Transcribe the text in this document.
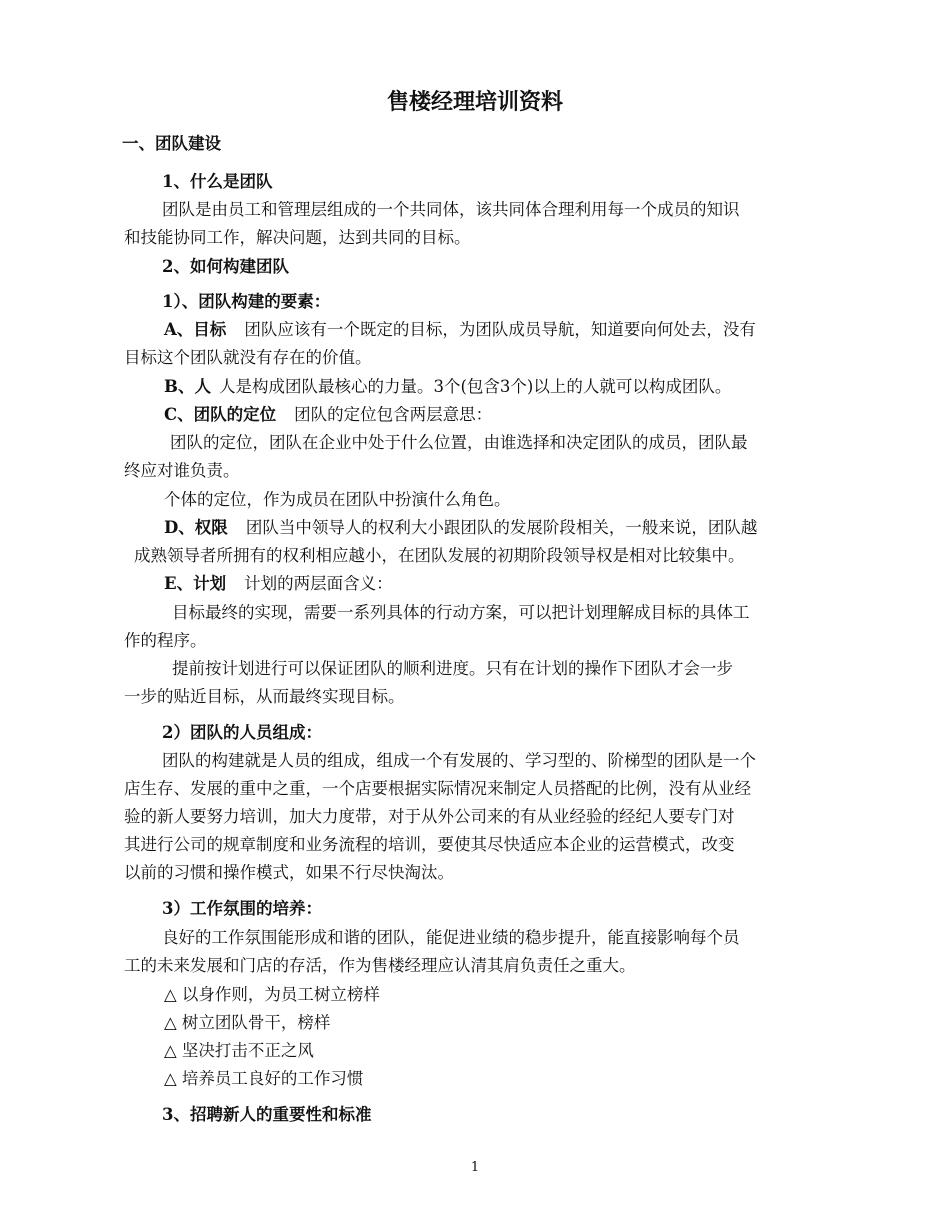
售楼经理培训资料
一、团队建设
1、什么是团队
团队是由员工和管理层组成的一个共同体，该共同体合理利用每一个成员的知识
和技能协同工作，解决问题，达到共同的目标。
2、如何构建团队
1）、团队构建的要素：
A、目标 团队应该有一个既定的目标，为团队成员导航，知道要向何处去，没有
目标这个团队就没有存在的价值。
B、人 人是构成团队最核心的力量。3个(包含3个)以上的人就可以构成团队。
C、团队的定位 团队的定位包含两层意思：
团队的定位，团队在企业中处于什么位置，由谁选择和决定团队的成员，团队最
终应对谁负责。
个体的定位，作为成员在团队中扮演什么角色。
D、权限 团队当中领导人的权利大小跟团队的发展阶段相关，一般来说，团队越
成熟领导者所拥有的权利相应越小，在团队发展的初期阶段领导权是相对比较集中。
E、计划 计划的两层面含义：
目标最终的实现，需要一系列具体的行动方案，可以把计划理解成目标的具体工
作的程序。
提前按计划进行可以保证团队的顺利进度。只有在计划的操作下团队才会一步
一步的贴近目标，从而最终实现目标。
2）团队的人员组成：
团队的构建就是人员的组成，组成一个有发展的、学习型的、阶梯型的团队是一个
店生存、发展的重中之重，一个店要根据实际情况来制定人员搭配的比例，没有从业经
验的新人要努力培训，加大力度带，对于从外公司来的有从业经验的经纪人要专门对
其进行公司的规章制度和业务流程的培训，要使其尽快适应本企业的运营模式，改变
以前的习惯和操作模式，如果不行尽快淘汰。
3）工作氛围的培养：
良好的工作氛围能形成和谐的团队，能促进业绩的稳步提升，能直接影响每个员
工的未来发展和门店的存活，作为售楼经理应认清其肩负责任之重大。
△ 以身作则，为员工树立榜样
△ 树立团队骨干，榜样
△ 坚决打击不正之风
△ 培养员工良好的工作习惯
3、招聘新人的重要性和标准
1
